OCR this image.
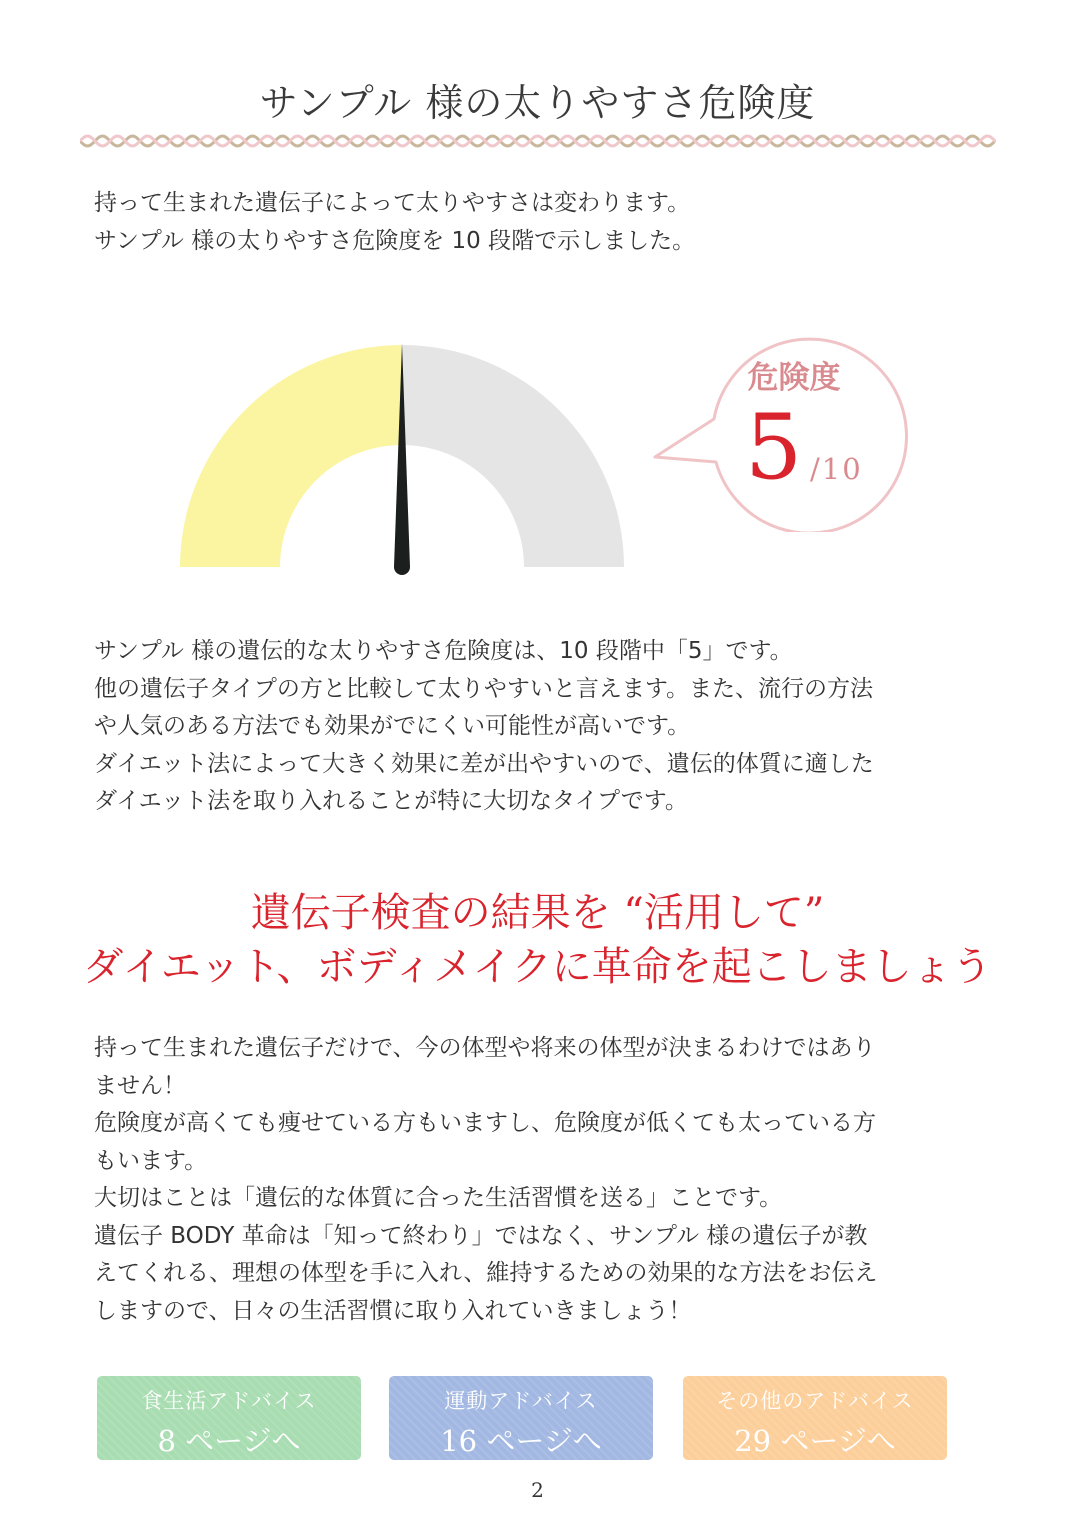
サンプル 様の太りやすさ危険度

持って生まれた遺伝子によって太りやすさは変わります。

サンプル 様の太りやすさ危険度を 10 段階で示しました。

危険度
5 /10

サンプル 様の遺伝的な太りやすさ危険度は、10 段階中「5」です。

他の遺伝子タイプの方と比較して太りやすいと言えます。また、流行の方法

や人気のある方法でも効果がでにくい可能性が高いです。

ダイエット法によって大きく効果に差が出やすいので、遺伝的体質に適した

ダイエット法を取り入れることが特に大切なタイプです。

遺伝子検査の結果を “活用して”
ダイエット、ボディメイクに革命を起こしましょう

持って生まれた遺伝子だけで、今の体型や将来の体型が決まるわけではあり

ません！

危険度が高くても痩せている方もいますし、危険度が低くても太っている方

もいます。

大切はことは「遺伝的な体質に合った生活習慣を送る」ことです。

遺伝子 BODY 革命は「知って終わり」ではなく、サンプル 様の遺伝子が教

えてくれる、理想の体型を手に入れ、維持するための効果的な方法をお伝え

しますので、日々の生活習慣に取り入れていきましょう！

食生活アドバイス
8 ページへ
運動アドバイス
16 ページへ
その他のアドバイス
29 ページへ
2
